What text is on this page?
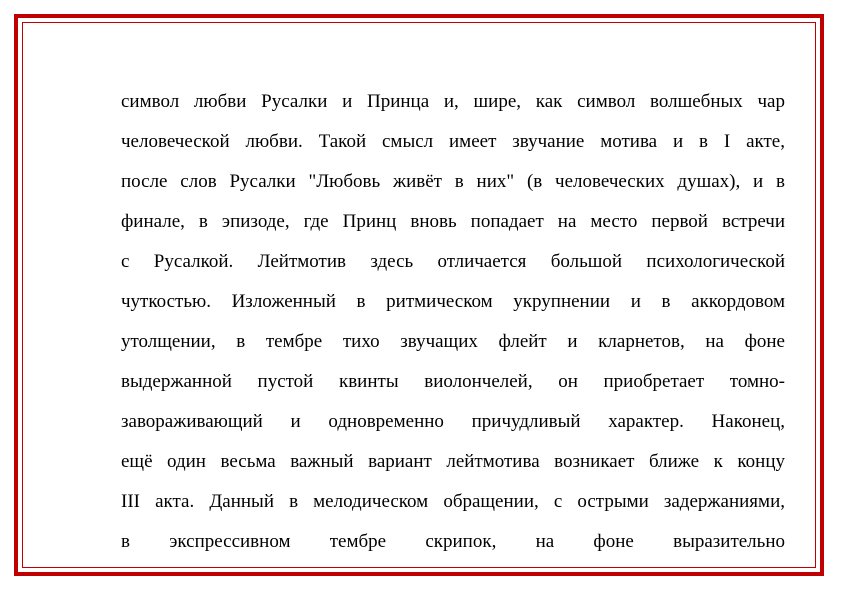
символ любви Русалки и Принца и, шире, как символ волшебных чар
человеческой любви. Такой смысл имеет звучание мотива и в I акте,
после слов Русалки "Любовь живёт в них" (в человеческих душах), и в
финале, в эпизоде, где Принц вновь попадает на место первой встречи
с Русалкой. Лейтмотив здесь отличается большой психологической
чуткостью. Изложенный в ритмическом укрупнении и в аккордовом
утолщении, в тембре тихо звучащих флейт и кларнетов, на фоне
выдержанной пустой квинты виолончелей, он приобретает томно-
завораживающий и одновременно причудливый характер. Наконец,
ещё один весьма важный вариант лейтмотива возникает ближе к концу
III акта. Данный в мелодическом обращении, с острыми задержаниями,
в экспрессивном тембре скрипок, на фоне выразительно
